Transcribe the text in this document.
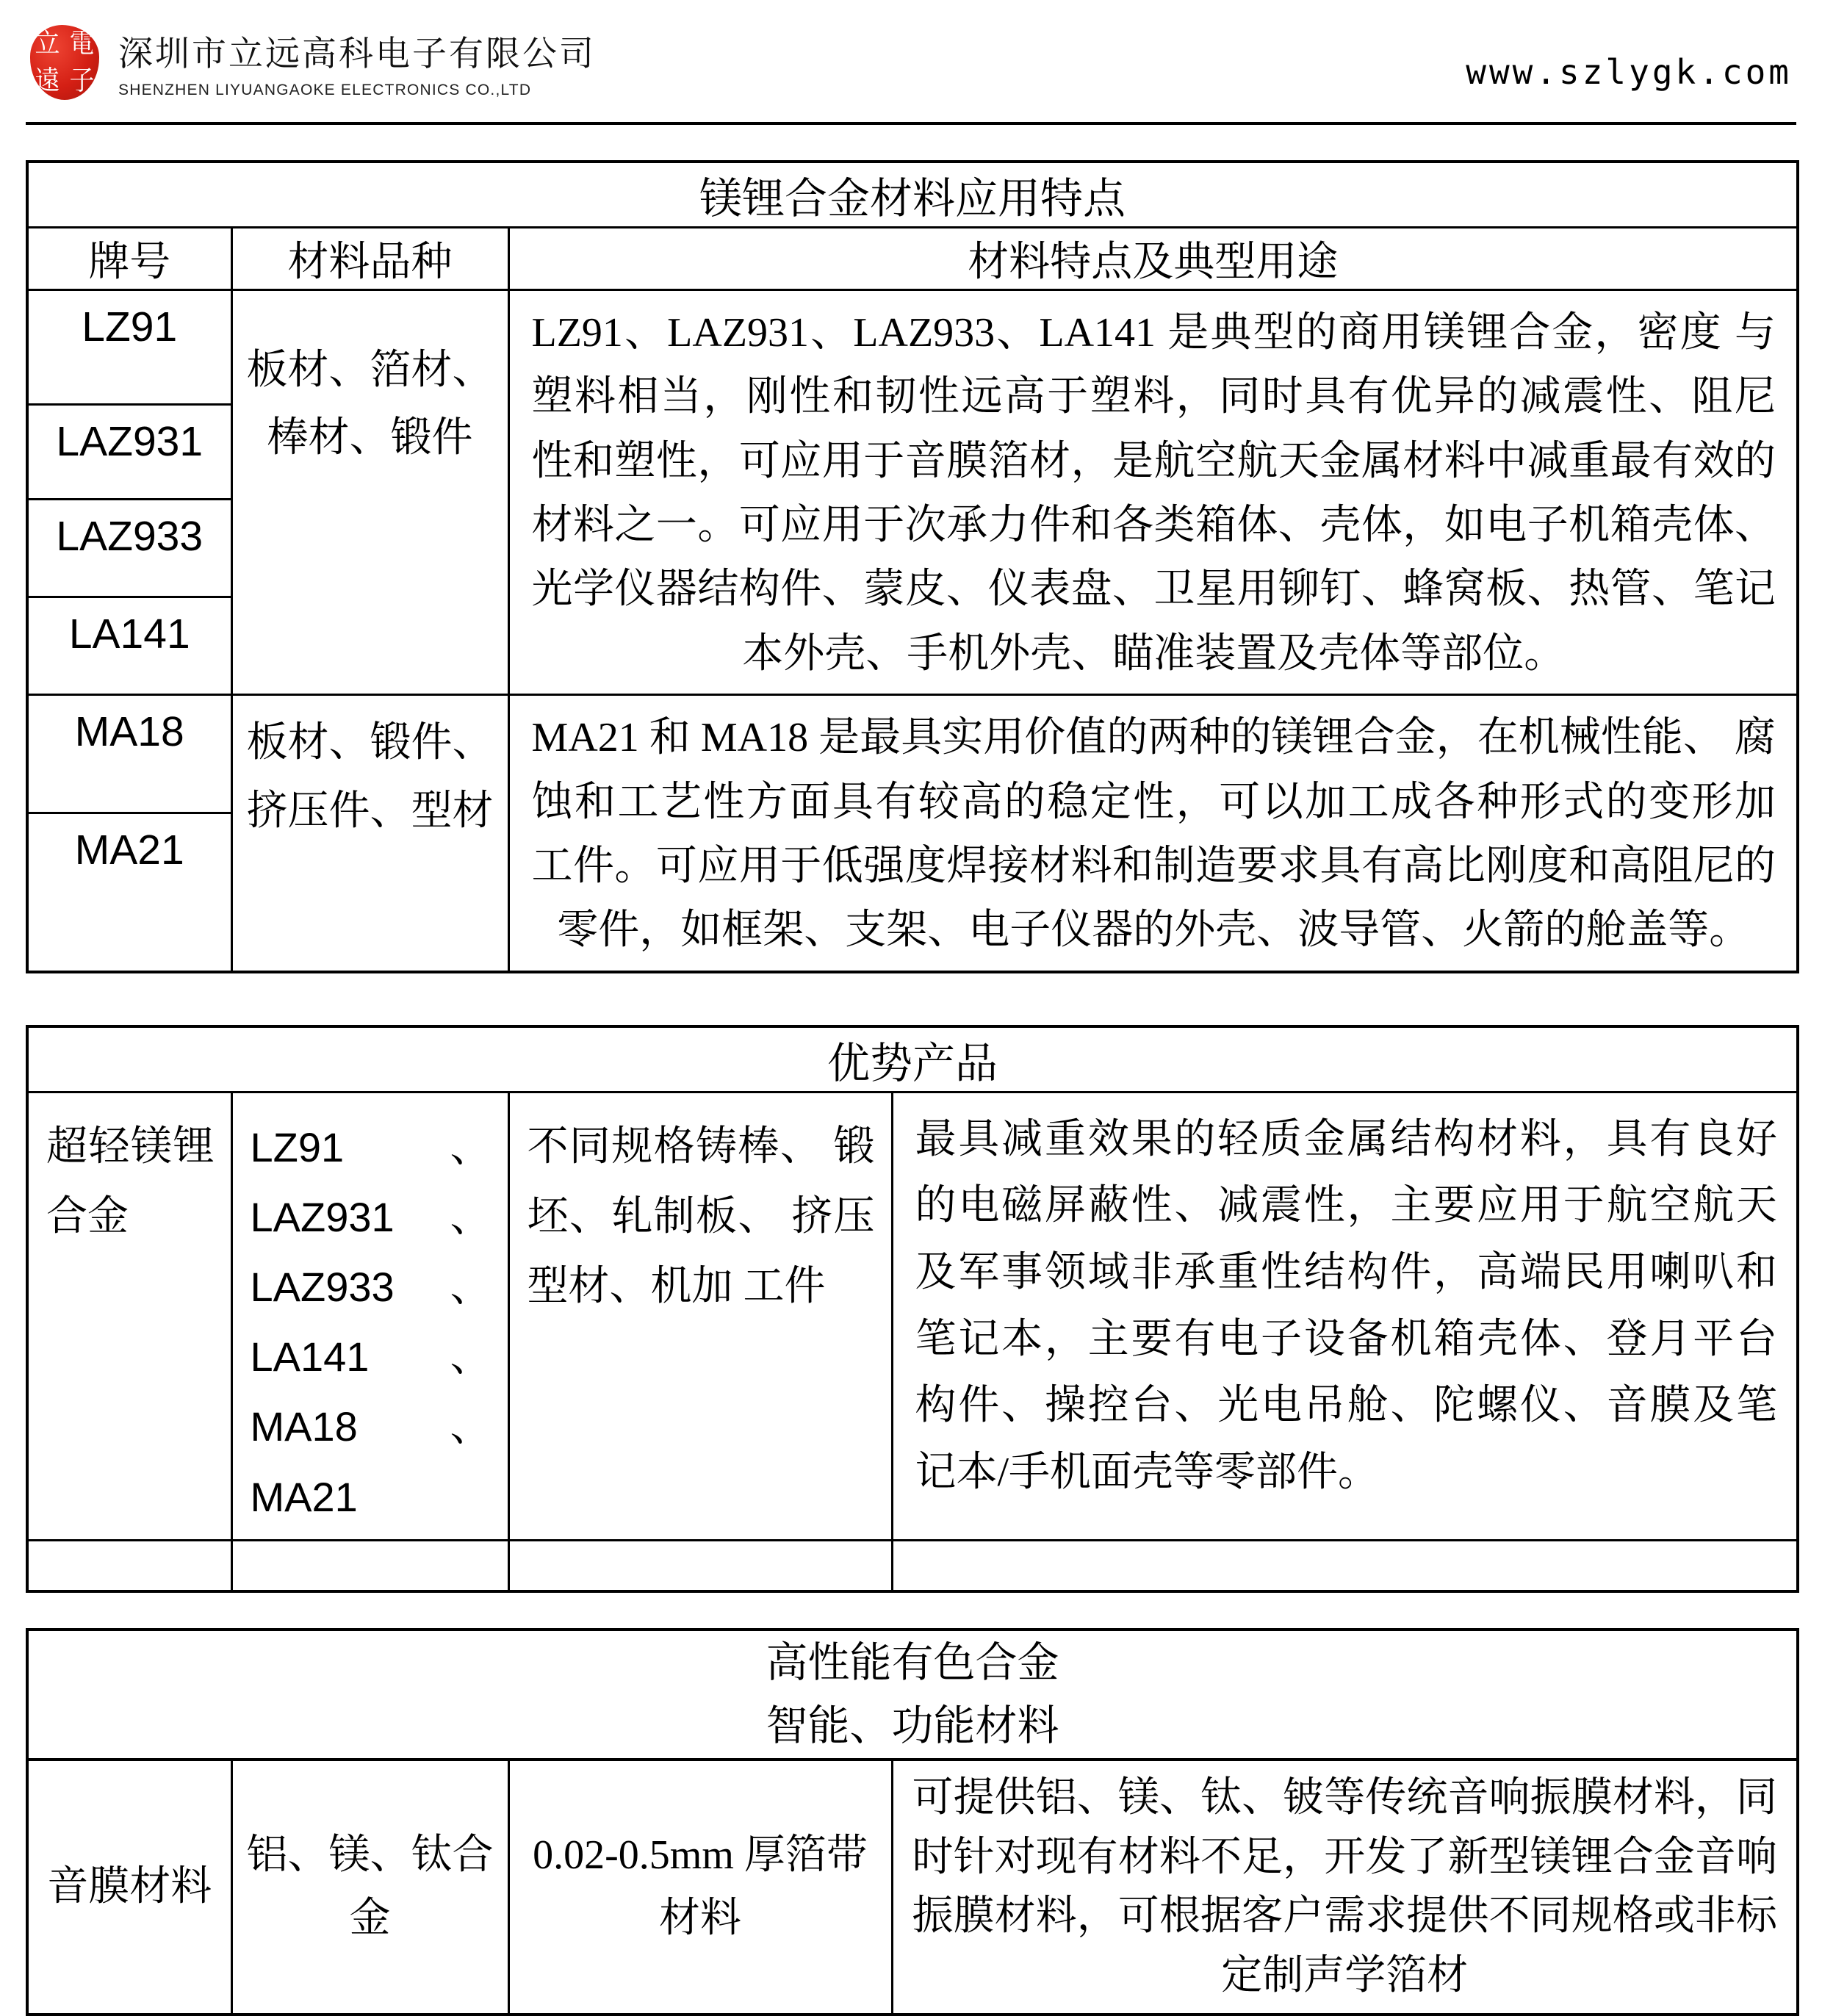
立 電
遠 子
深圳市立远高科电子有限公司
SHENZHEN LIYUANGAOKE ELECTRONICS CO.,LTD	www.szlygk.com
镁锂合金材料应用特点		
牌号	材料品种	材料特点及典型用途
LZ91	板材、箔材、棒材、锻件	LZ91、LAZ931、LAZ933、LA141 是典型的商用镁锂合金，密度 与塑料相当，刚性和韧性远高于塑料，同时具有优异的减震性、阻尼 性和塑性，可应用于音膜箔材，是航空航天金属材料中减重最有效的 材料之一。可应用于次承力件和各类箱体、壳体，如电子机箱壳体、 光学仪器结构件、蒙皮、仪表盘、卫星用铆钉、蜂窝板、热管、笔记 本外壳、手机外壳、瞄准装置及壳体等部位。
LAZ931		
LAZ933		
LA141		
MA18	板材、锻件、挤压件、型材	MA21 和 MA18 是最具实用价值的两种的镁锂合金，在机械性能、 腐蚀和工艺性方面具有较高的稳定性，可以加工成各种形式的变形加 工件。可应用于低强度焊接材料和制造要求具有高比刚度和高阻尼的 零件，如框架、支架、电子仪器的外壳、波导管、火箭的舱盖等。
MA21		
优势产品			
超轻镁锂合金	LZ91、LAZ931、LAZ933 、LA141 、MA18、MA21	不同规格铸棒、 锻坯、轧制板、 挤压型材、机加 工件	最具减重效果的轻质金属结构材料，具有良好的电磁屏蔽性、减震性，主要应用于航空航天及军事领域非承重性结构件，高端民用喇叭和笔记本，主要有电子设备机箱壳体、登月平台构件、操控台、光电吊舱、陀螺仪、音膜及笔记本/手机面壳等零部件。

高性能有色合金
智能、功能材料

音膜材料	铝、镁、钛合金	0.02-0.5mm 厚箔带材料	可提供铝、镁、钛、铍等传统音响振膜材料，同时针对现有材料不足，开发了新型镁锂合金音响振膜材料，可根据客户需求提供不同规格或非标定制声学箔材
